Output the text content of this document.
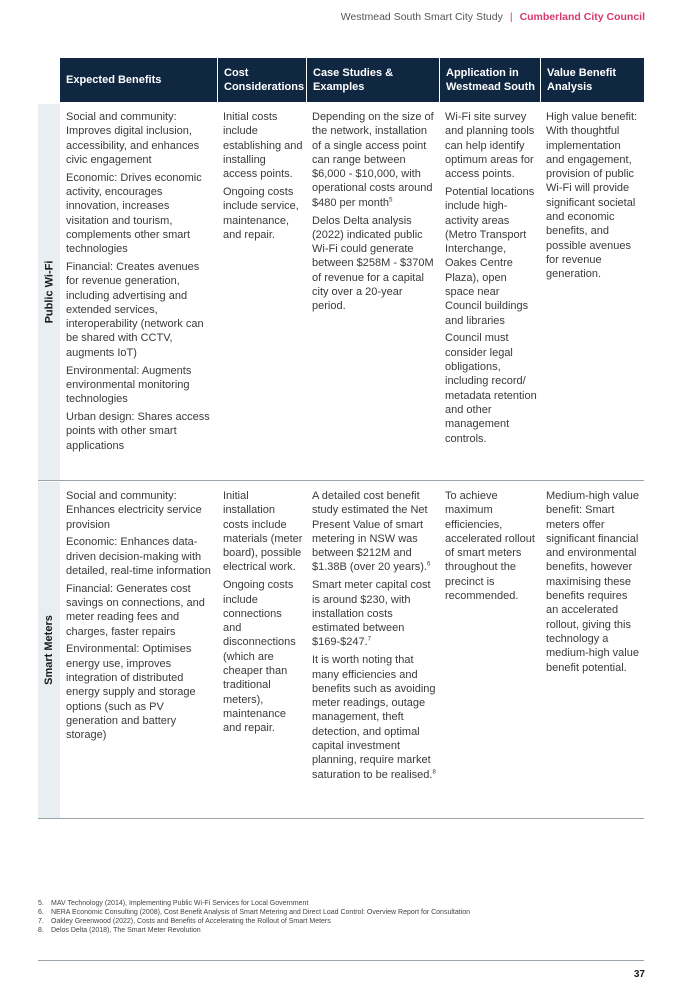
Westmead South Smart City Study | Cumberland City Council
Expected Benefits
Cost Considerations
Case Studies & Examples
Application in Westmead South
Value Benefit Analysis
Public Wi-Fi
Smart Meters

Social and community: Improves digital inclusion, accessibility, and enhances civic engagement

Economic: Drives economic activity, encourages innovation, increases visitation and tourism, complements other smart technologies

Financial: Creates avenues for revenue generation, including advertising and extended services, interoperability (network can be shared with CCTV, augments IoT)

Environmental: Augments environmental monitoring technologies

Urban design: Shares access points with other smart applications

Initial costs include establishing and installing access points.

Ongoing costs include service, maintenance, and repair.

Depending on the size of the network, installation of a single access point can range between $6,000 - $10,000, with operational costs around $480 per month$^5$

Delos Delta analysis (2022) indicated public Wi-Fi could generate between $258M - $370M of revenue for a capital city over a 20-year period.

Wi-Fi site survey and planning tools can help identify optimum areas for access points.

Potential locations include high-activity areas (Metro Transport Interchange, Oakes Centre Plaza), open space near Council buildings and libraries

Council must consider legal obligations, including record/ metadata retention and other management controls.

High value benefit: With thoughtful implementation and engagement, provision of public Wi-Fi will provide significant societal and economic benefits, and possible avenues for revenue generation.

Social and community: Enhances electricity service provision

Economic: Enhances data-driven decision-making with detailed, real-time information

Financial: Generates cost savings on connections, and meter reading fees and charges, faster repairs

Environmental: Optimises energy use, improves integration of distributed energy supply and storage options (such as PV generation and battery storage)

Initial installation costs include materials (meter board), possible electrical work.

Ongoing costs include connections and disconnections (which are cheaper than traditional meters), maintenance and repair.

A detailed cost benefit study estimated the Net Present Value of smart metering in NSW was between $212M and $1.38B (over 20 years).$^6$

Smart meter capital cost is around $230, with installation costs estimated between $169-$247.$^7$

It is worth noting that many efficiencies and benefits such as avoiding meter readings, outage management, theft detection, and optimal capital investment planning, require market saturation to be realised.$^8$

To achieve maximum efficiencies, accelerated rollout of smart meters throughout the precinct is recommended.

Medium-high value benefit: Smart meters offer significant financial and environmental benefits, however maximising these benefits requires an accelerated rollout, giving this technology a medium-high value benefit potential.

5. MAV Technology (2014), Implementing Public Wi-Fi Services for Local Government
6. NERA Economic Consulting (2008), Cost Benefit Analysis of Smart Metering and Direct Load Control: Overview Report for Consultation
7. Oakley Greenwood (2022), Costs and Benefits of Accelerating the Rollout of Smart Meters
8. Delos Delta (2018), The Smart Meter Revolution
37
